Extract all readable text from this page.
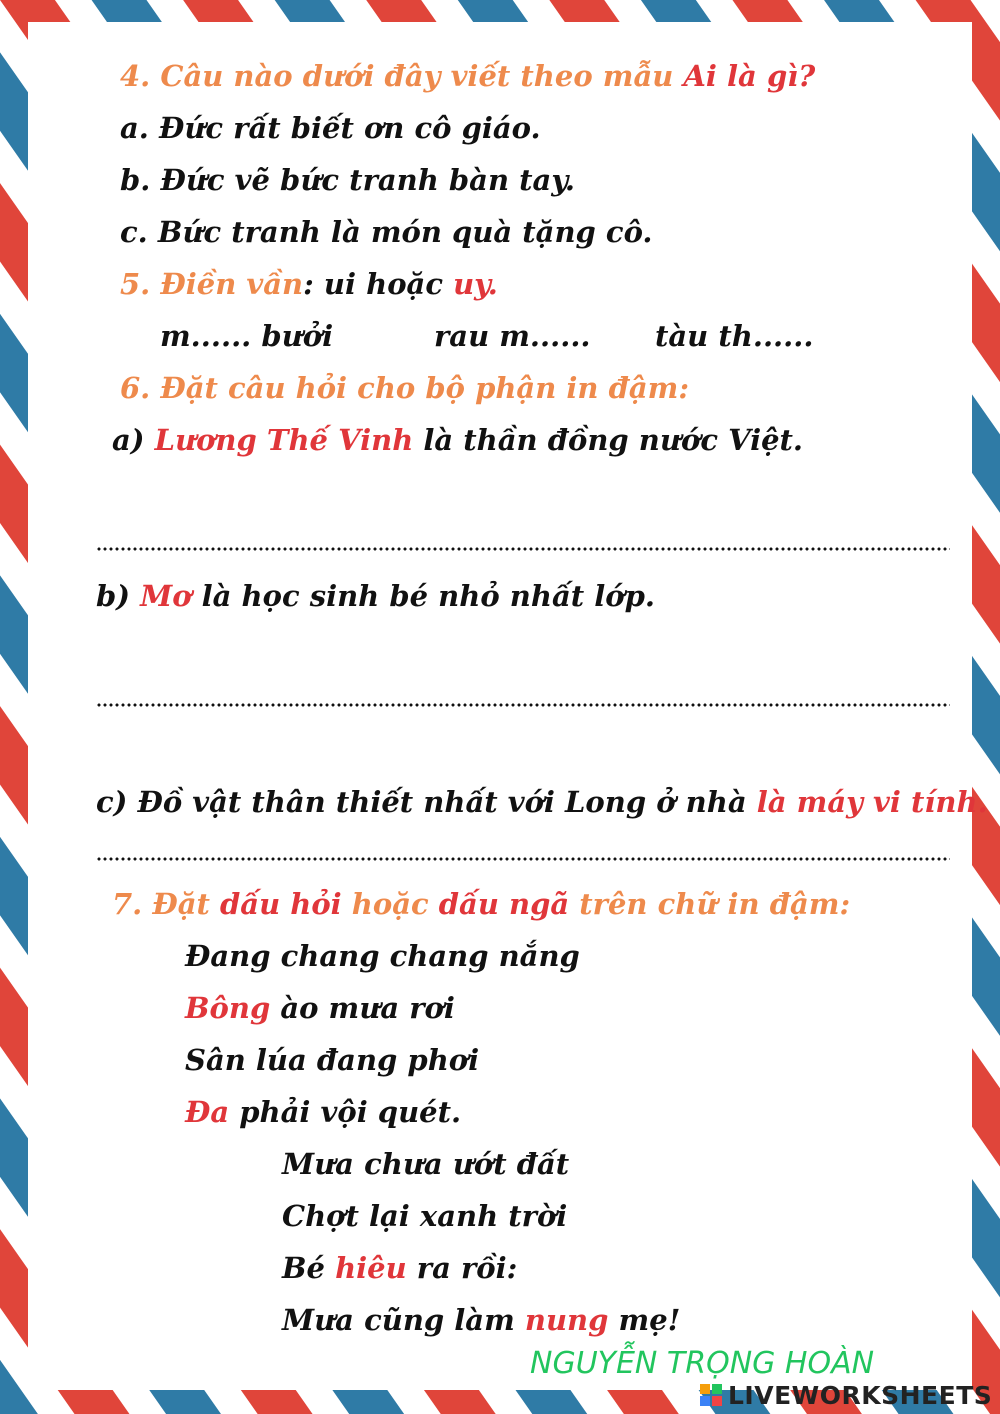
4. Câu nào dưới đây viết theo mẫu Ai là gì?
a. Đức rất biết ơn cô giáo.
b. Đức vẽ bức tranh bàn tay.
c. Bức tranh là món quà tặng cô.
5. Điền vần: ui hoặc uy.
m...... bưởi	rau m...... tàu th......
6. Đặt câu hỏi cho bộ phận in đậm:
a) Lương Thế Vinh là thần đồng nước Việt.
b) Mơ là học sinh bé nhỏ nhất lớp.
c) Đồ vật thân thiết nhất với Long ở nhà là máy vi tính.
7. Đặt dấu hỏi hoặc dấu ngã trên chữ in đậm:
Đang chang chang nắng
Bông ào mưa rơi
Sân lúa đang phơi
Đa phải vội quét.
Mưa chưa ướt đất
Chợt lại xanh trời
Bé hiêu ra rồi:
Mưa cũng làm nung mẹ!
NGUYỄN TRỌNG HOÀN
LIVEWORKSHEETS
